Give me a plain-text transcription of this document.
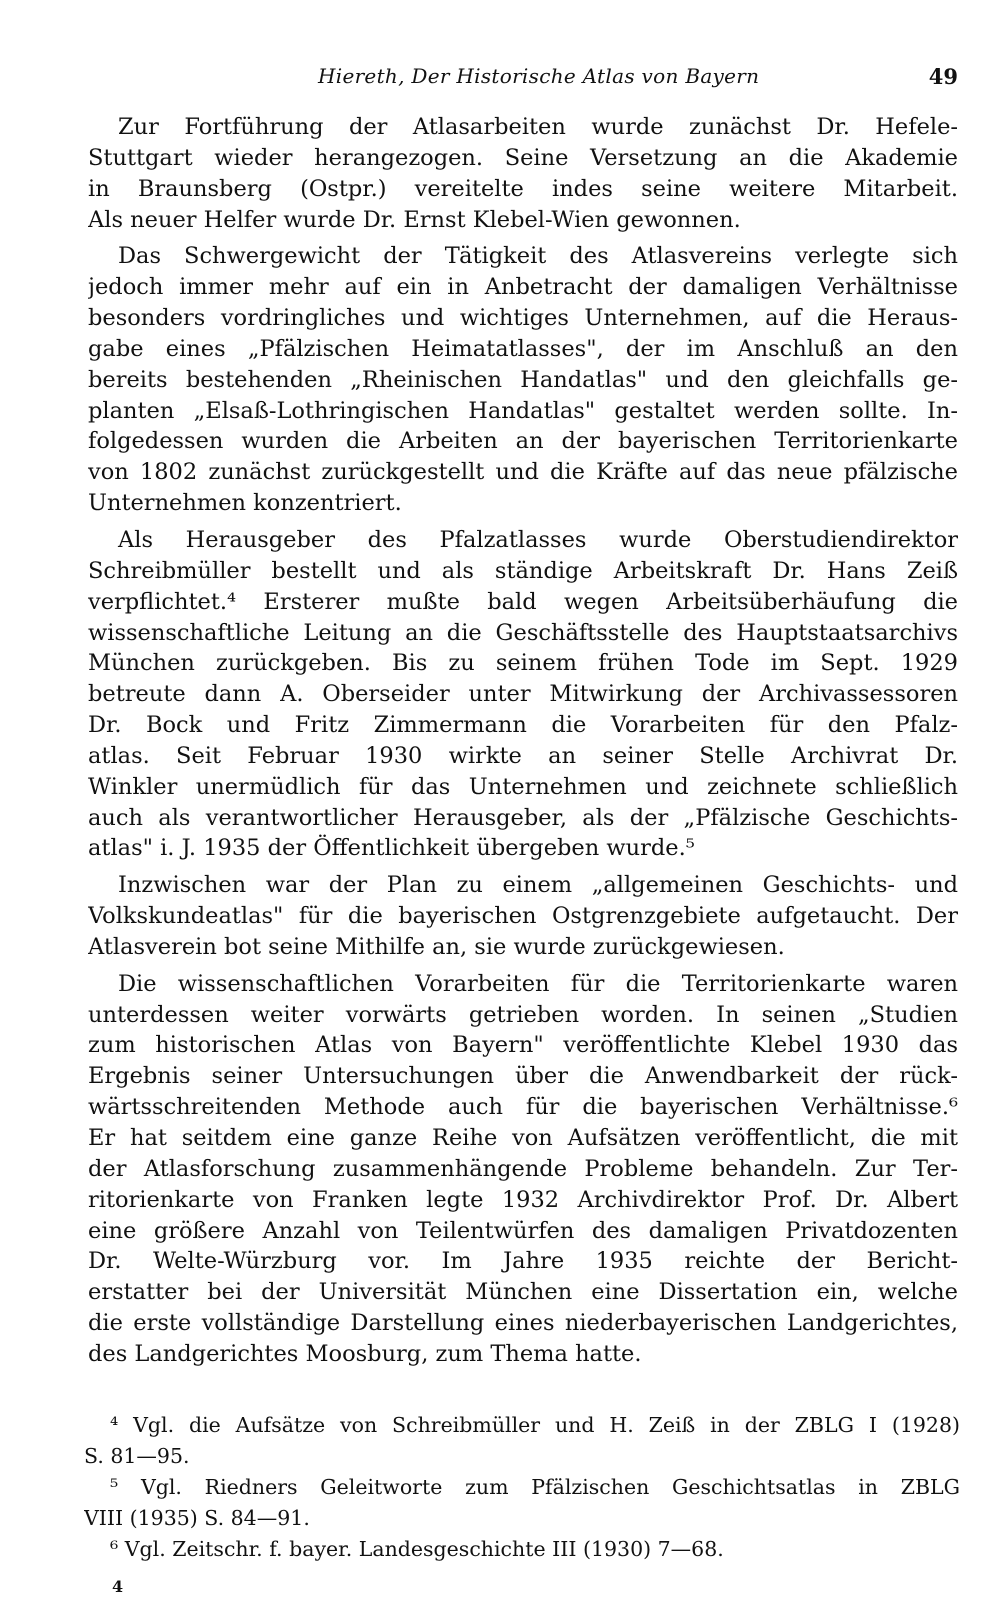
Hiereth, Der Historische Atlas von Bayern	49
Zur Fortführung der Atlasarbeiten wurde zunächst Dr. Hefele-
Stuttgart wieder herangezogen. Seine Versetzung an die Akademie
in Braunsberg (Ostpr.) vereitelte indes seine weitere Mitarbeit.
Als neuer Helfer wurde Dr. Ernst Klebel-Wien gewonnen.
Das Schwergewicht der Tätigkeit des Atlasvereins verlegte sich
jedoch immer mehr auf ein in Anbetracht der damaligen Verhältnisse
besonders vordringliches und wichtiges Unternehmen, auf die Heraus-
gabe eines „Pfälzischen Heimatatlasses", der im Anschluß an den
bereits bestehenden „Rheinischen Handatlas" und den gleichfalls ge-
planten „Elsaß-Lothringischen Handatlas" gestaltet werden sollte. In-
folgedessen wurden die Arbeiten an der bayerischen Territorienkarte
von 1802 zunächst zurückgestellt und die Kräfte auf das neue pfälzische
Unternehmen konzentriert.
Als Herausgeber des Pfalzatlasses wurde Oberstudiendirektor
Schreibmüller bestellt und als ständige Arbeitskraft Dr. Hans Zeiß
verpflichtet.⁴ Ersterer mußte bald wegen Arbeitsüberhäufung die
wissenschaftliche Leitung an die Geschäftsstelle des Hauptstaatsarchivs
München zurückgeben. Bis zu seinem frühen Tode im Sept. 1929
betreute dann A. Oberseider unter Mitwirkung der Archivassessoren
Dr. Bock und Fritz Zimmermann die Vorarbeiten für den Pfalz-
atlas. Seit Februar 1930 wirkte an seiner Stelle Archivrat Dr.
Winkler unermüdlich für das Unternehmen und zeichnete schließlich
auch als verantwortlicher Herausgeber, als der „Pfälzische Geschichts-
atlas" i. J. 1935 der Öffentlichkeit übergeben wurde.⁵
Inzwischen war der Plan zu einem „allgemeinen Geschichts- und
Volkskundeatlas" für die bayerischen Ostgrenzgebiete aufgetaucht. Der
Atlasverein bot seine Mithilfe an, sie wurde zurückgewiesen.
Die wissenschaftlichen Vorarbeiten für die Territorienkarte waren
unterdessen weiter vorwärts getrieben worden. In seinen „Studien
zum historischen Atlas von Bayern" veröffentlichte Klebel 1930 das
Ergebnis seiner Untersuchungen über die Anwendbarkeit der rück-
wärtsschreitenden Methode auch für die bayerischen Verhältnisse.⁶
Er hat seitdem eine ganze Reihe von Aufsätzen veröffentlicht, die mit
der Atlasforschung zusammenhängende Probleme behandeln. Zur Ter-
ritorienkarte von Franken legte 1932 Archivdirektor Prof. Dr. Albert
eine größere Anzahl von Teilentwürfen des damaligen Privatdozenten
Dr. Welte-Würzburg vor. Im Jahre 1935 reichte der Bericht-
erstatter bei der Universität München eine Dissertation ein, welche
die erste vollständige Darstellung eines niederbayerischen Landgerichtes,
des Landgerichtes Moosburg, zum Thema hatte.
⁴ Vgl. die Aufsätze von Schreibmüller und H. Zeiß in der ZBLG I (1928)
S. 81—95.
⁵ Vgl. Riedners Geleitworte zum Pfälzischen Geschichtsatlas in ZBLG
VIII (1935) S. 84—91.
⁶ Vgl. Zeitschr. f. bayer. Landesgeschichte III (1930) 7—68.
4
